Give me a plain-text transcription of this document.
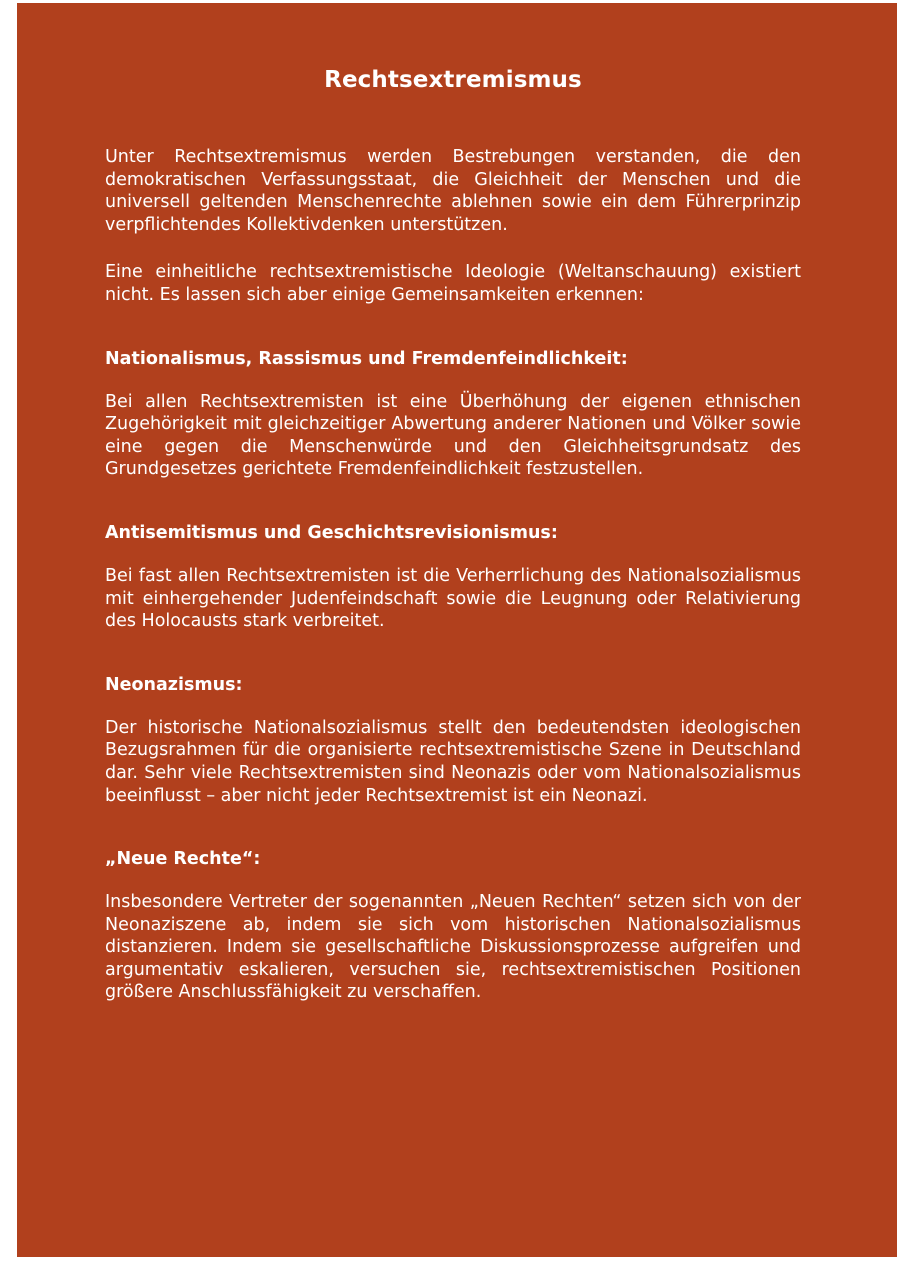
Rechtsextremismus

Unter Rechtsextremismus werden Bestrebungen verstanden, die den demokratischen Verfassungsstaat, die Gleichheit der Menschen und die universell geltenden Menschenrechte ablehnen sowie ein dem Führerprinzip verpflichtendes Kollektivdenken unterstützen.

Eine einheitliche rechtsextremistische Ideologie (Weltanschauung) existiert nicht. Es lassen sich aber einige Gemeinsamkeiten erkennen:

Nationalismus, Rassismus und Fremdenfeindlichkeit:

Bei allen Rechtsextremisten ist eine Überhöhung der eigenen ethnischen Zugehörigkeit mit gleichzeitiger Abwertung anderer Nationen und Völker sowie eine gegen die Menschenwürde und den Gleichheitsgrundsatz des Grundgesetzes gerichtete Fremdenfeindlichkeit festzustellen.

Antisemitismus und Geschichtsrevisionismus:

Bei fast allen Rechtsextremisten ist die Verherrlichung des Nationalsozialismus mit einhergehender Judenfeindschaft sowie die Leugnung oder Relativierung des Holocausts stark verbreitet.

Neonazismus:

Der historische Nationalsozialismus stellt den bedeutendsten ideologischen Bezugsrahmen für die organisierte rechtsextremistische Szene in Deutschland dar. Sehr viele Rechtsextremisten sind Neonazis oder vom Nationalsozialismus beeinflusst – aber nicht jeder Rechtsextremist ist ein Neonazi.

„Neue Rechte“:

Insbesondere Vertreter der sogenannten „Neuen Rechten“ setzen sich von der Neonaziszene ab, indem sie sich vom historischen Nationalsozialismus distanzieren. Indem sie gesellschaftliche Diskussionsprozesse aufgreifen und argumentativ eskalieren, versuchen sie, rechtsextremistischen Positionen größere Anschlussfähigkeit zu verschaffen.
